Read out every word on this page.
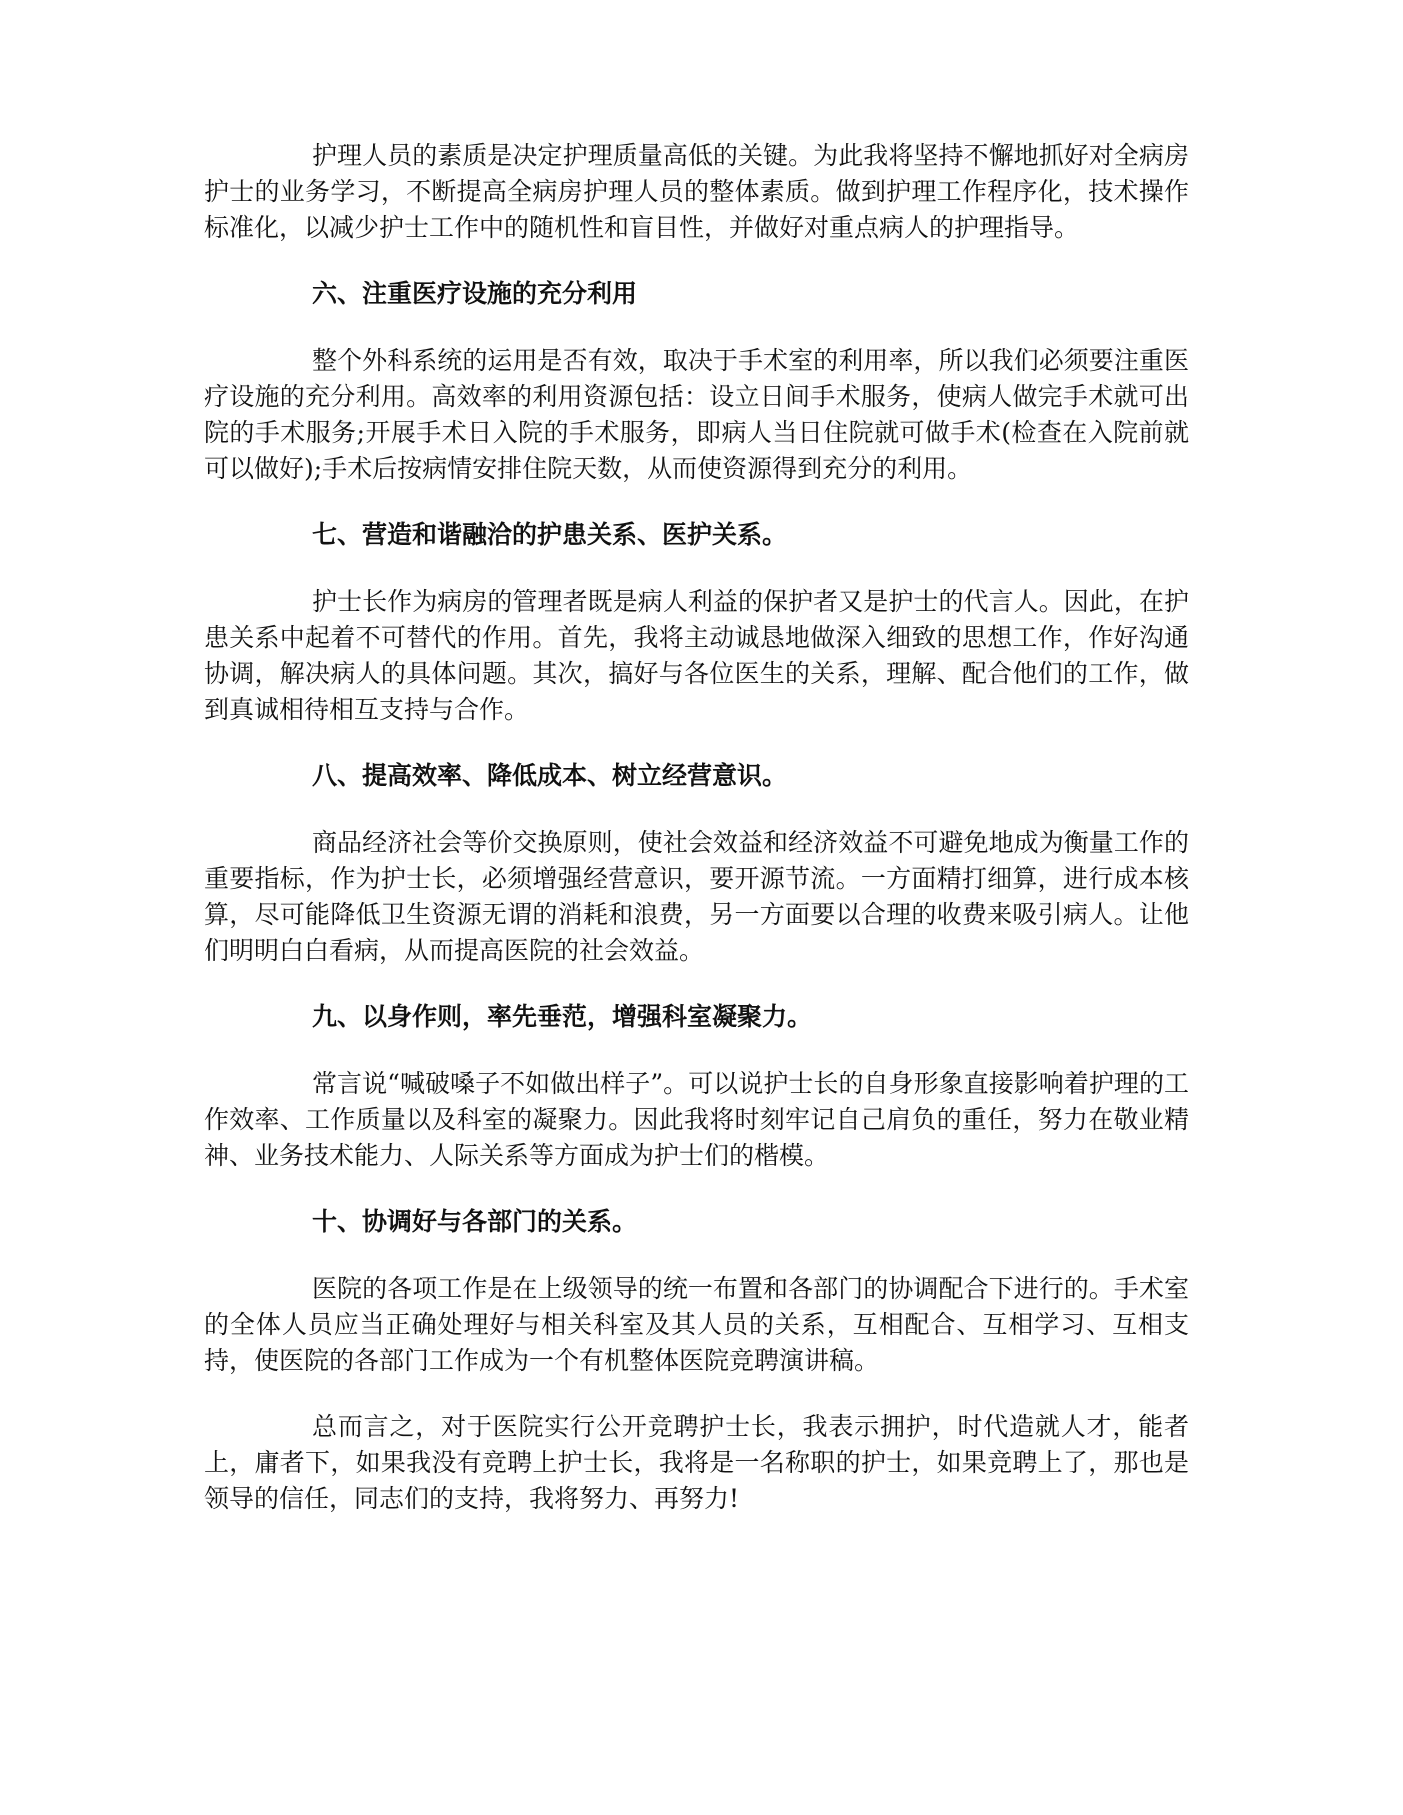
护理人员的素质是决定护理质量高低的关键。为此我将坚持不懈地抓好对全病房护士的业务学习，不断提高全病房护理人员的整体素质。做到护理工作程序化，技术操作标准化，以减少护士工作中的随机性和盲目性，并做好对重点病人的护理指导。

六、注重医疗设施的充分利用

整个外科系统的运用是否有效，取决于手术室的利用率，所以我们必须要注重医疗设施的充分利用。高效率的利用资源包括：设立日间手术服务，使病人做完手术就可出院的手术服务;开展手术日入院的手术服务，即病人当日住院就可做手术(检查在入院前就可以做好);手术后按病情安排住院天数，从而使资源得到充分的利用。

七、营造和谐融洽的护患关系、医护关系。

护士长作为病房的管理者既是病人利益的保护者又是护士的代言人。因此，在护患关系中起着不可替代的作用。首先，我将主动诚恳地做深入细致的思想工作，作好沟通协调，解决病人的具体问题。其次，搞好与各位医生的关系，理解、配合他们的工作，做到真诚相待相互支持与合作。

八、提高效率、降低成本、树立经营意识。

商品经济社会等价交换原则，使社会效益和经济效益不可避免地成为衡量工作的重要指标，作为护士长，必须增强经营意识，要开源节流。一方面精打细算，进行成本核算，尽可能降低卫生资源无谓的消耗和浪费，另一方面要以合理的收费来吸引病人。让他们明明白白看病，从而提高医院的社会效益。

九、以身作则，率先垂范，增强科室凝聚力。

常言说“喊破嗓子不如做出样子”。可以说护士长的自身形象直接影响着护理的工作效率、工作质量以及科室的凝聚力。因此我将时刻牢记自己肩负的重任，努力在敬业精神、业务技术能力、人际关系等方面成为护士们的楷模。

十、协调好与各部门的关系。

医院的各项工作是在上级领导的统一布置和各部门的协调配合下进行的。手术室的全体人员应当正确处理好与相关科室及其人员的关系，互相配合、互相学习、互相支持，使医院的各部门工作成为一个有机整体医院竞聘演讲稿。

总而言之，对于医院实行公开竞聘护士长，我表示拥护，时代造就人才，能者上，庸者下，如果我没有竞聘上护士长，我将是一名称职的护士，如果竞聘上了，那也是领导的信任，同志们的支持，我将努力、再努力!
